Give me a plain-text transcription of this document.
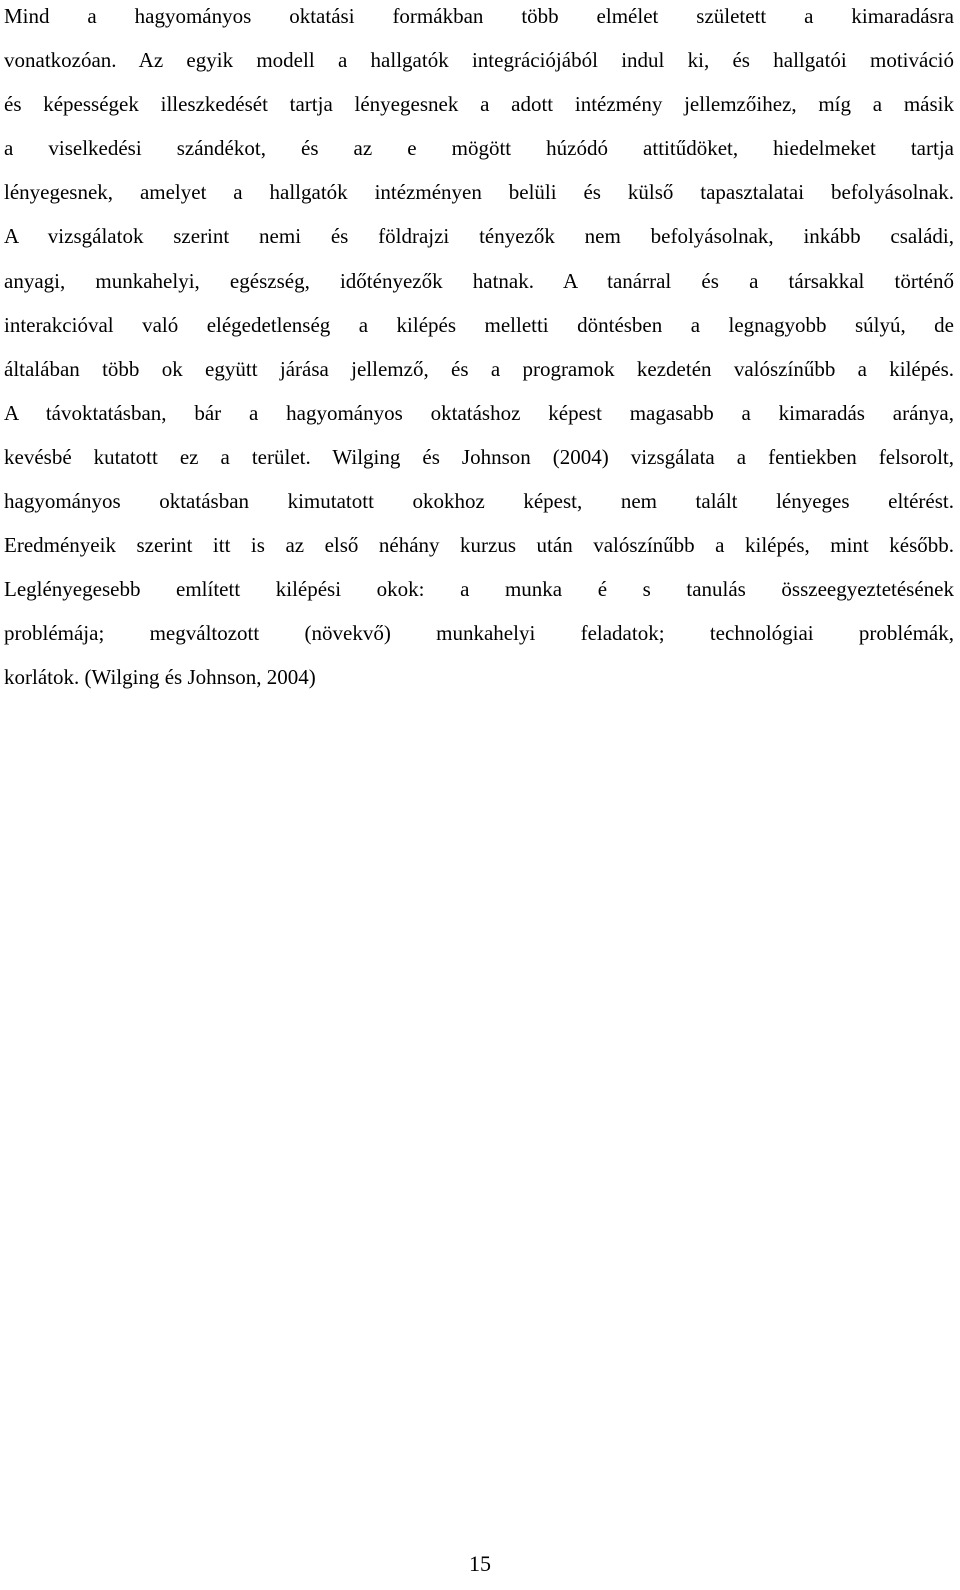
Mind a hagyományos oktatási formákban több elmélet született a kimaradásra
vonatkozóan. Az egyik modell a hallgatók integrációjából indul ki, és hallgatói motiváció
és képességek illeszkedését tartja lényegesnek a adott intézmény jellemzőihez, míg a másik
a viselkedési szándékot, és az e mögött húzódó attitűdöket, hiedelmeket tartja
lényegesnek, amelyet a hallgatók intézményen belüli és külső tapasztalatai befolyásolnak.
A vizsgálatok szerint nemi és földrajzi tényezők nem befolyásolnak, inkább családi,
anyagi, munkahelyi, egészség, időtényezők hatnak. A tanárral és a társakkal történő
interakcióval való elégedetlenség a kilépés melletti döntésben a legnagyobb súlyú, de
általában több ok együtt járása jellemző, és a programok kezdetén valószínűbb a kilépés.
A távoktatásban, bár a hagyományos oktatáshoz képest magasabb a kimaradás aránya,
kevésbé kutatott ez a terület. Wilging és Johnson (2004) vizsgálata a fentiekben felsorolt,
hagyományos oktatásban kimutatott okokhoz képest, nem talált lényeges eltérést.
Eredményeik szerint itt is az első néhány kurzus után valószínűbb a kilépés, mint később.
Leglényegesebb említett kilépési okok: a munka é s tanulás összeegyeztetésének
problémája; megváltozott (növekvő) munkahelyi feladatok; technológiai problémák,
korlátok. (Wilging és Johnson, 2004)
15
